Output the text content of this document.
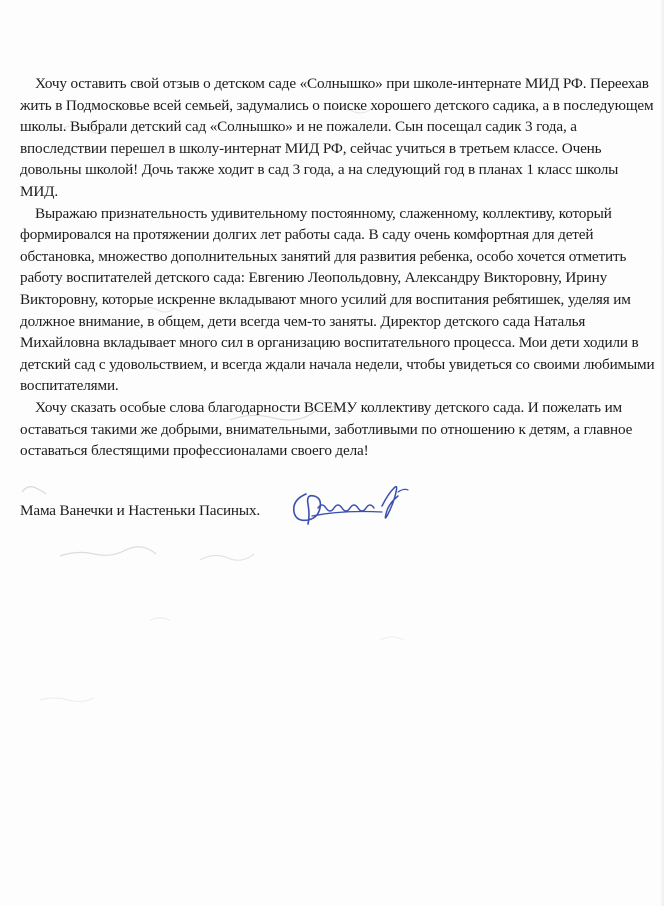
Хочу оставить свой отзыв о детском саде «Солнышко» при школе-интернате МИД РФ. Переехав жить в Подмосковье всей семьей, задумались о поиске хорошего детского садика, а в последующем школы. Выбрали детский сад «Солнышко» и не пожалели. Сын посещал садик 3 года, а впоследствии перешел в школу-интернат МИД РФ, сейчас учиться в третьем классе. Очень довольны школой! Дочь также ходит в сад 3 года, а на следующий год в планах 1 класс школы МИД.

Выражаю признательность удивительному постоянному, слаженному, коллективу, который формировался на протяжении долгих лет работы сада. В саду очень комфортная для детей обстановка, множество дополнительных занятий для развития ребенка, особо хочется отметить работу воспитателей детского сада: Евгению Леопольдовну, Александру Викторовну, Ирину Викторовну, которые искренне вкладывают много усилий для воспитания ребятишек, уделяя им должное внимание, в общем, дети всегда чем-то заняты. Директор детского сада Наталья Михайловна вкладывает много сил в организацию воспитательного процесса. Мои дети ходили в детский сад с удовольствием, и всегда ждали начала недели, чтобы увидеться со своими любимыми воспитателями.

Хочу сказать особые слова благодарности ВСЕМУ коллективу детского сада. И пожелать им оставаться такими же добрыми, внимательными, заботливыми по отношению к детям, а главное оставаться блестящими профессионалами своего дела!

Мама Ванечки и Настеньки Пасиных.
